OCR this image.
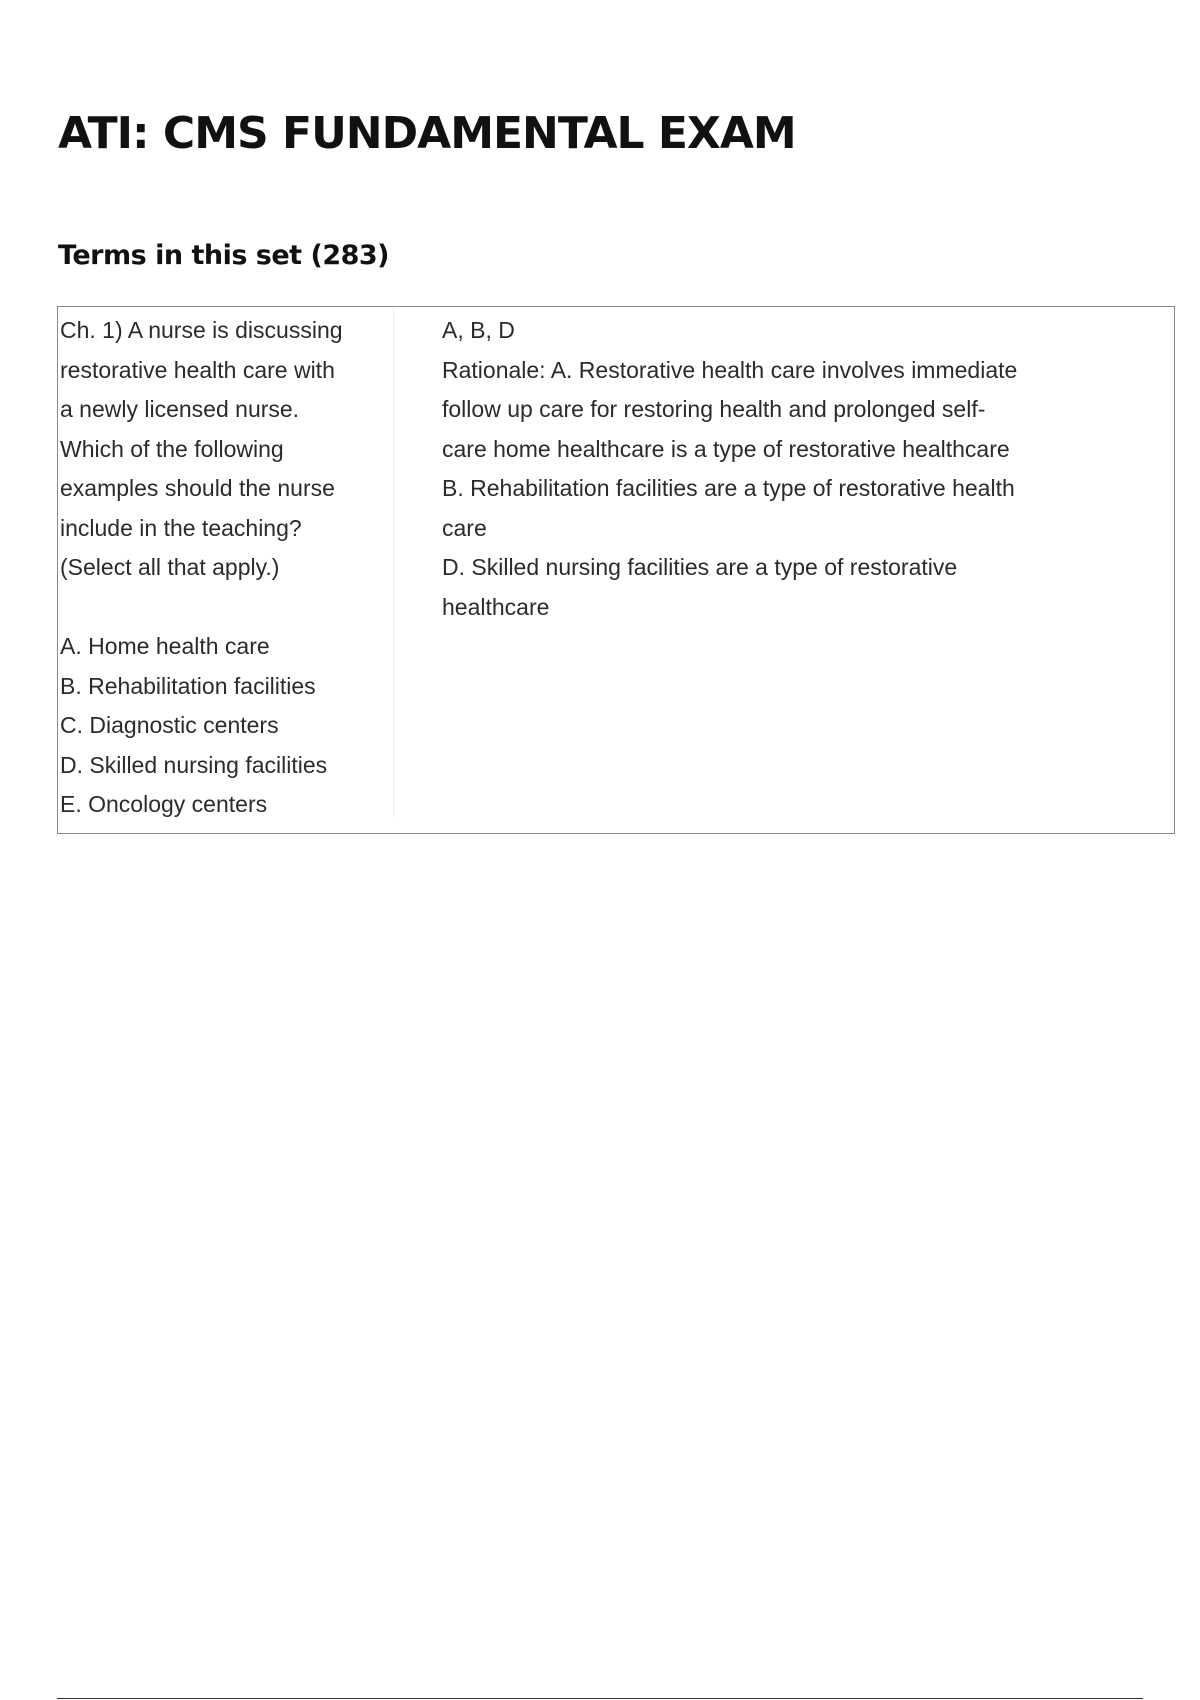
ATI: CMS FUNDAMENTAL EXAM
Terms in this set (283)
Ch. 1) A nurse is discussing
restorative health care with
a newly licensed nurse.
Which of the following
examples should the nurse
include in the teaching?
(Select all that apply.)
A. Home health care
B. Rehabilitation facilities
C. Diagnostic centers
D. Skilled nursing facilities
E. Oncology centers
A, B, D
Rationale: A. Restorative health care involves immediate
follow up care for restoring health and prolonged self-
care home healthcare is a type of restorative healthcare
B. Rehabilitation facilities are a type of restorative health
care
D. Skilled nursing facilities are a type of restorative
healthcare
